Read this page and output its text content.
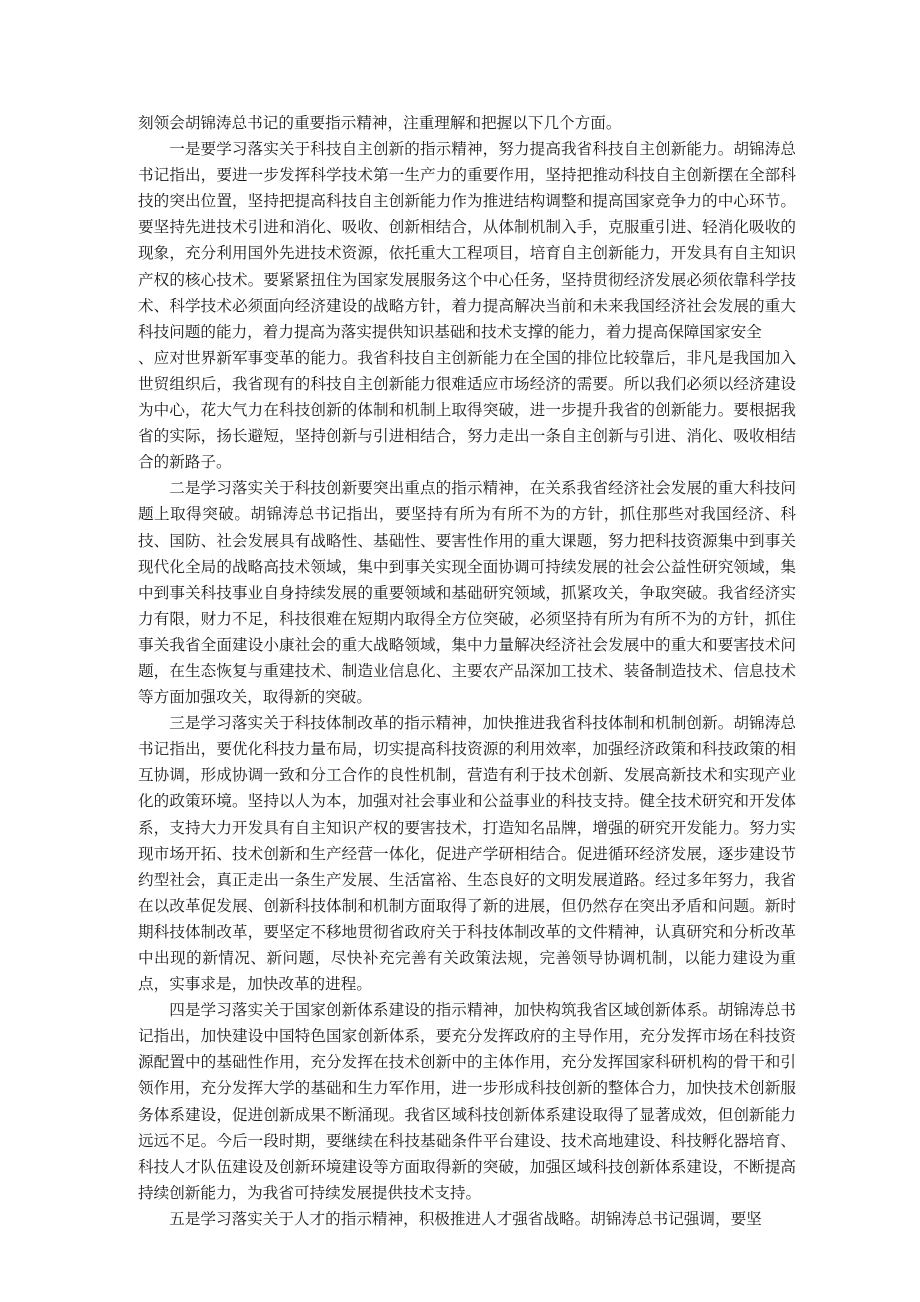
刻领会胡锦涛总书记的重要指示精神，注重理解和把握以下几个方面。

一是要学习落实关于科技自主创新的指示精神，努力提高我省科技自主创新能力。胡锦涛总书记指出，要进一步发挥科学技术第一生产力的重要作用，坚持把推动科技自主创新摆在全部科技的突出位置，坚持把提高科技自主创新能力作为推进结构调整和提高国家竞争力的中心环节。要坚持先进技术引进和消化、吸收、创新相结合，从体制机制入手，克服重引进、轻消化吸收的现象，充分利用国外先进技术资源，依托重大工程项目，培育自主创新能力，开发具有自主知识产权的核心技术。要紧紧扭住为国家发展服务这个中心任务，坚持贯彻经济发展必须依靠科学技术、科学技术必须面向经济建设的战略方针，着力提高解决当前和未来我国经济社会发展的重大科技问题的能力，着力提高为落实提供知识基础和技术支撑的能力，着力提高保障国家安全

、应对世界新军事变革的能力。我省科技自主创新能力在全国的排位比较靠后，非凡是我国加入世贸组织后，我省现有的科技自主创新能力很难适应市场经济的需要。所以我们必须以经济建设为中心，花大气力在科技创新的体制和机制上取得突破，进一步提升我省的创新能力。要根据我省的实际，扬长避短，坚持创新与引进相结合，努力走出一条自主创新与引进、消化、吸收相结合的新路子。

二是学习落实关于科技创新要突出重点的指示精神，在关系我省经济社会发展的重大科技问题上取得突破。胡锦涛总书记指出，要坚持有所为有所不为的方针，抓住那些对我国经济、科技、国防、社会发展具有战略性、基础性、要害性作用的重大课题，努力把科技资源集中到事关现代化全局的战略高技术领域，集中到事关实现全面协调可持续发展的社会公益性研究领域，集中到事关科技事业自身持续发展的重要领域和基础研究领域，抓紧攻关，争取突破。我省经济实力有限，财力不足，科技很难在短期内取得全方位突破，必须坚持有所为有所不为的方针，抓住事关我省全面建设小康社会的重大战略领域，集中力量解决经济社会发展中的重大和要害技术问题，在生态恢复与重建技术、制造业信息化、主要农产品深加工技术、装备制造技术、信息技术等方面加强攻关，取得新的突破。

三是学习落实关于科技体制改革的指示精神，加快推进我省科技体制和机制创新。胡锦涛总书记指出，要优化科技力量布局，切实提高科技资源的利用效率，加强经济政策和科技政策的相互协调，形成协调一致和分工合作的良性机制，营造有利于技术创新、发展高新技术和实现产业化的政策环境。坚持以人为本，加强对社会事业和公益事业的科技支持。健全技术研究和开发体系，支持大力开发具有自主知识产权的要害技术，打造知名品牌，增强的研究开发能力。努力实现市场开拓、技术创新和生产经营一体化，促进产学研相结合。促进循环经济发展，逐步建设节约型社会，真正走出一条生产发展、生活富裕、生态良好的文明发展道路。经过多年努力，我省在以改革促发展、创新科技体制和机制方面取得了新的进展，但仍然存在突出矛盾和问题。新时期科技体制改革，要坚定不移地贯彻省政府关于科技体制改革的文件精神，认真研究和分析改革中出现的新情况、新问题，尽快补充完善有关政策法规，完善领导协调机制，以能力建设为重点，实事求是，加快改革的进程。

四是学习落实关于国家创新体系建设的指示精神，加快构筑我省区域创新体系。胡锦涛总书记指出，加快建设中国特色国家创新体系，要充分发挥政府的主导作用，充分发挥市场在科技资源配置中的基础性作用，充分发挥在技术创新中的主体作用，充分发挥国家科研机构的骨干和引领作用，充分发挥大学的基础和生力军作用，进一步形成科技创新的整体合力，加快技术创新服务体系建设，促进创新成果不断涌现。我省区域科技创新体系建设取得了显著成效，但创新能力远远不足。今后一段时期，要继续在科技基础条件平台建设、技术高地建设、科技孵化器培育、科技人才队伍建设及创新环境建设等方面取得新的突破，加强区域科技创新体系建设，不断提高持续创新能力，为我省可持续发展提供技术支持。

五是学习落实关于人才的指示精神，积极推进人才强省战略。胡锦涛总书记强调，要坚
